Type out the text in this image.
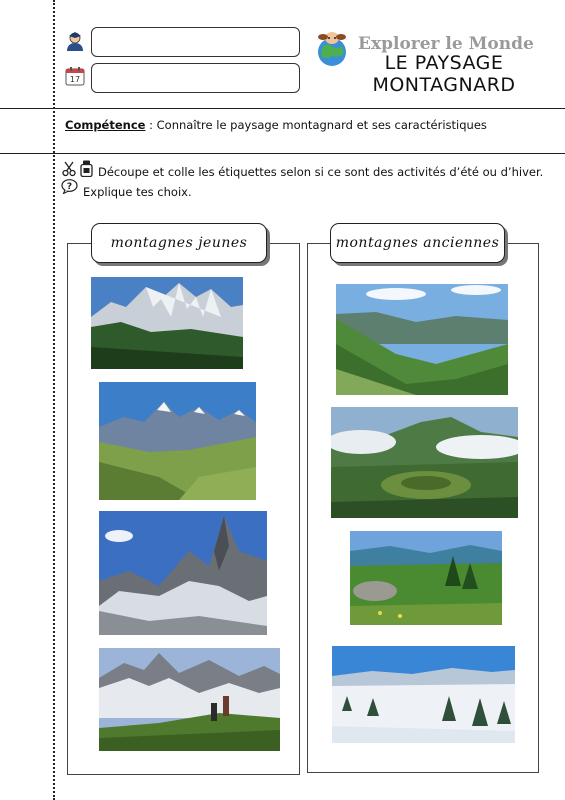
17
Explorer le Monde
LE PAYSAGE
MONTAGNARD
Compétence : Connaître le paysage montagnard et ses caractéristiques
Découpe et colle les étiquettes selon si ce sont des activités d’été ou d’hiver.
? Explique tes choix.
montagnes jeunes	montagnes anciennes
